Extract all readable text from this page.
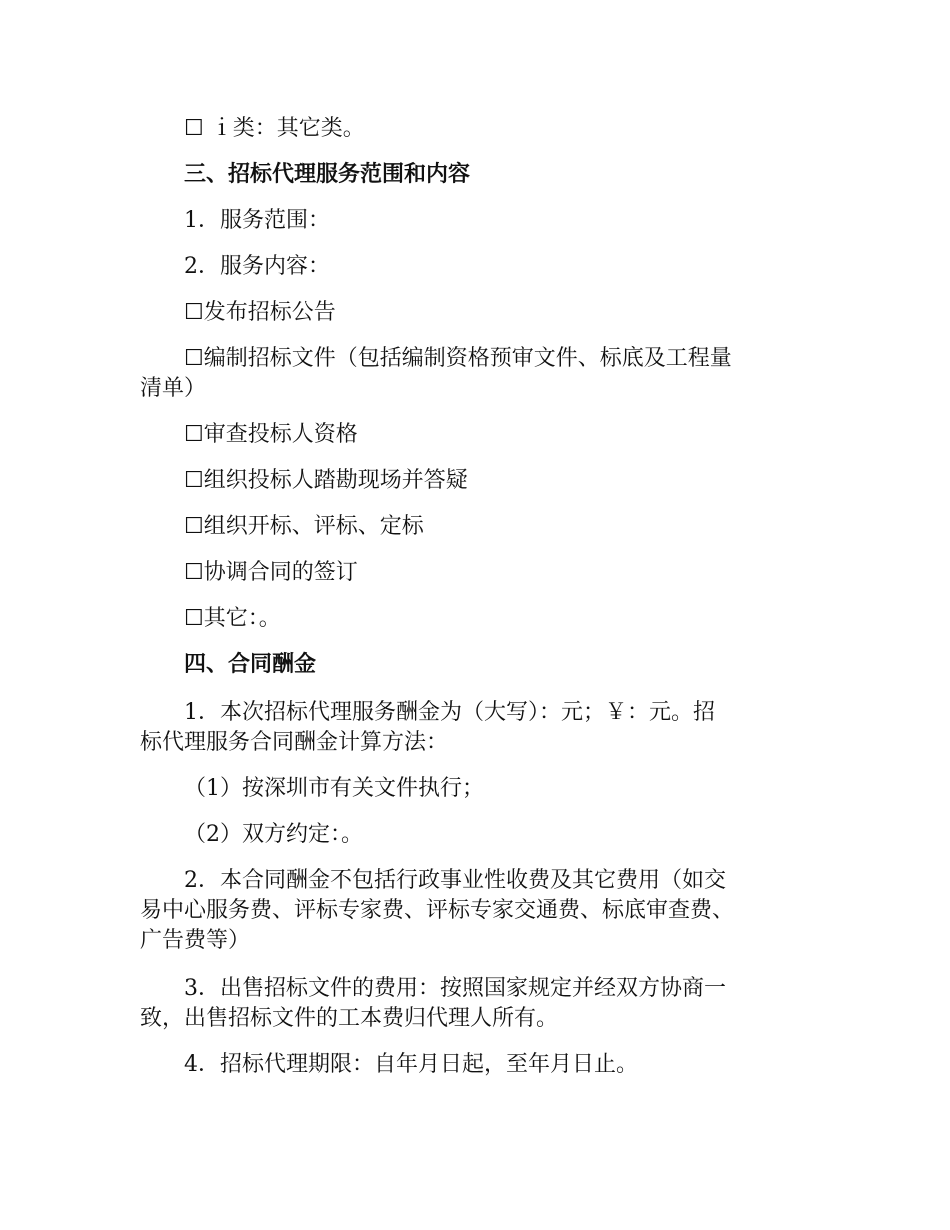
☐ ｉ类：其它类。
三、招标代理服务范围和内容
1．服务范围：
2．服务内容：
☐发布招标公告
☐编制招标文件（包括编制资格预审文件、标底及工程量
清单）
☐审查投标人资格
☐组织投标人踏勘现场并答疑
☐组织开标、评标、定标
☐协调合同的签订
☐其它：。
四、合同酬金
1．本次招标代理服务酬金为（大写）：元；￥：元。招
标代理服务合同酬金计算方法：
（1）按深圳市有关文件执行；
（2）双方约定：。
2．本合同酬金不包括行政事业性收费及其它费用（如交
易中心服务费、评标专家费、评标专家交通费、标底审查费、
广告费等）
3．出售招标文件的费用：按照国家规定并经双方协商一
致，出售招标文件的工本费归代理人所有。
4．招标代理期限：自年月日起，至年月日止。
